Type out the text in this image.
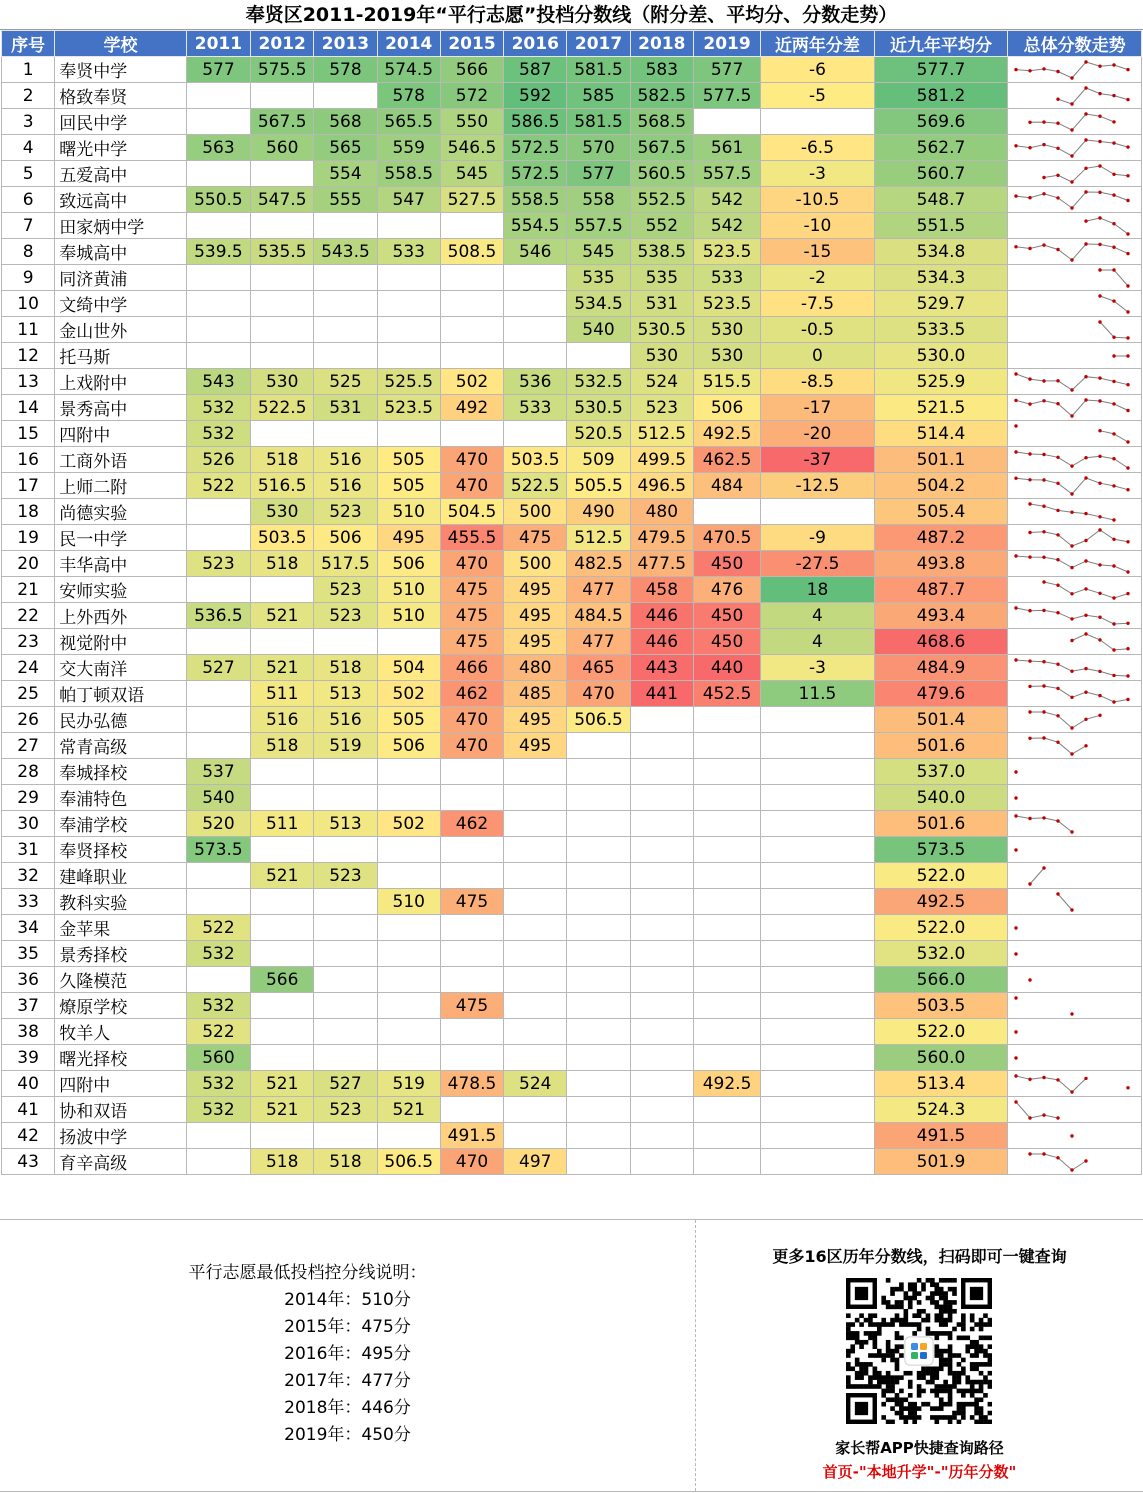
奉贤区2011-2019年“平行志愿”投档分数线（附分差、平均分、分数走势）
序号	学校	2011	2012	2013	2014	2015	2016	2017	2018	2019	近两年分差	近九年平均分	总体分数走势
1	奉贤中学	577	575.5	578	574.5	566	587	581.5	583	577	-6	577.7	

2	格致奉贤				578	572	592	585	582.5	577.5	-5	581.2	

3	回民中学		567.5	568	565.5	550	586.5	581.5	568.5			569.6	

4	曙光中学	563	560	565	559	546.5	572.5	570	567.5	561	-6.5	562.7	

5	五爱高中			554	558.5	545	572.5	577	560.5	557.5	-3	560.7	

6	致远高中	550.5	547.5	555	547	527.5	558.5	558	552.5	542	-10.5	548.7	

7	田家炳中学						554.5	557.5	552	542	-10	551.5	

8	奉城高中	539.5	535.5	543.5	533	508.5	546	545	538.5	523.5	-15	534.8	

9	同济黄浦							535	535	533	-2	534.3	

10	文绮中学							534.5	531	523.5	-7.5	529.7	

11	金山世外							540	530.5	530	-0.5	533.5	

12	托马斯								530	530	0	530.0	

13	上戏附中	543	530	525	525.5	502	536	532.5	524	515.5	-8.5	525.9	

14	景秀高中	532	522.5	531	523.5	492	533	530.5	523	506	-17	521.5	

15	四附中	532						520.5	512.5	492.5	-20	514.4	

16	工商外语	526	518	516	505	470	503.5	509	499.5	462.5	-37	501.1	

17	上师二附	522	516.5	516	505	470	522.5	505.5	496.5	484	-12.5	504.2	

18	尚德实验		530	523	510	504.5	500	490	480			505.4	

19	民一中学		503.5	506	495	455.5	475	512.5	479.5	470.5	-9	487.2	

20	丰华高中	523	518	517.5	506	470	500	482.5	477.5	450	-27.5	493.8	

21	安师实验			523	510	475	495	477	458	476	18	487.7	

22	上外西外	536.5	521	523	510	475	495	484.5	446	450	4	493.4	

23	视觉附中					475	495	477	446	450	4	468.6	

24	交大南洋	527	521	518	504	466	480	465	443	440	-3	484.9	

25	帕丁顿双语		511	513	502	462	485	470	441	452.5	11.5	479.6	

26	民办弘德		516	516	505	470	495	506.5				501.4	

27	常青高级		518	519	506	470	495					501.6	

28	奉城择校	537										537.0	

29	奉浦特色	540										540.0	

30	奉浦学校	520	511	513	502	462						501.6	

31	奉贤择校	573.5										573.5	

32	建峰职业		521	523								522.0	

33	教科实验				510	475						492.5	

34	金苹果	522										522.0	

35	景秀择校	532										532.0	

36	久隆模范		566									566.0	

37	燎原学校	532				475						503.5	

38	牧羊人	522										522.0	

39	曙光择校	560										560.0	

40	四附中	532	521	527	519	478.5	524			492.5		513.4	

41	协和双语	532	521	523	521							524.3	

42	扬波中学					491.5						491.5	

43	育辛高级		518	518	506.5	470	497					501.9	
平行志愿最低投档控分线说明：
2014年：510分
2015年：475分
2016年：495分
2017年：477分
2018年：446分
2019年：450分
更多16区历年分数线，扫码即可一键查询
家长帮APP快捷查询路径
首页-"本地升学"-"历年分数"
